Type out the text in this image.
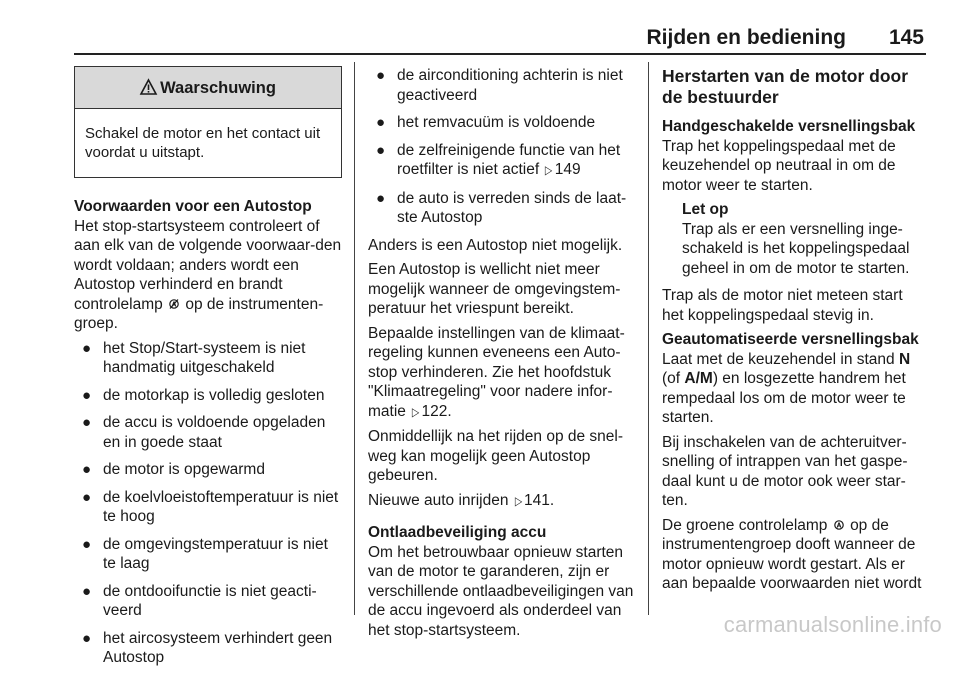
Rijden en bediening 145
Waarschuwing
Schakel de motor en het contact uit voordat u uitstapt.
Voorwaarden voor een Autostop

Het stop-startsysteem controleert of aan elk van de volgende voorwaar-den wordt voldaan; anders wordt een Autostop verhinderd en brandt controlelamp op de instrumenten-groep.

● het Stop/Start-systeem is niet handmatig uitgeschakeld
● de motorkap is volledig gesloten
● de accu is voldoende opgeladen en in goede staat
● de motor is opgewarmd
● de koelvloeistoftemperatuur is niet te hoog
● de omgevingstemperatuur is niet te laag
● de ontdooifunctie is niet geacti-veerd
● het aircosysteem verhindert geen Autostop
● de airconditioning achterin is niet geactiveerd
● het remvacuüm is voldoende
● de zelfreinigende functie van het roetfilter is niet actief ▷ 149
● de auto is verreden sinds de laat-ste Autostop

Anders is een Autostop niet mogelijk.

Een Autostop is wellicht niet meer mogelijk wanneer de omgevingstem-peratuur het vriespunt bereikt.

Bepaalde instellingen van de klimaat-regeling kunnen eveneens een Auto-stop verhinderen. Zie het hoofdstuk "Klimaatregeling" voor nadere infor-matie ▷ 122.

Onmiddellijk na het rijden op de snel-weg kan mogelijk geen Autostop gebeuren.

Nieuwe auto inrijden ▷ 141.

Ontlaadbeveiliging accu

Om het betrouwbaar opnieuw starten van de motor te garanderen, zijn er verschillende ontlaadbeveiligingen van de accu ingevoerd als onderdeel van het stop-startsysteem.

Herstarten van de motor door de bestuurder
Handgeschakelde versnellingsbak

Trap het koppelingspedaal met de keuzehendel op neutraal in om de motor weer te starten.

Let op
Trap als er een versnelling inge-schakeld is het koppelingspedaal geheel in om de motor te starten.

Trap als de motor niet meteen start het koppelingspedaal stevig in.

Geautomatiseerde versnellingsbak

Laat met de keuzehendel in stand N (of A/M) en losgezette handrem het rempedaal los om de motor weer te starten.

Bij inschakelen van de achteruitver-snelling of intrappen van het gaspe-daal kunt u de motor ook weer star-ten.

De groene controlelamp op de instrumentengroep dooft wanneer de motor opnieuw wordt gestart. Als er aan bepaalde voorwaarden niet wordt

carmanualsonline.info
